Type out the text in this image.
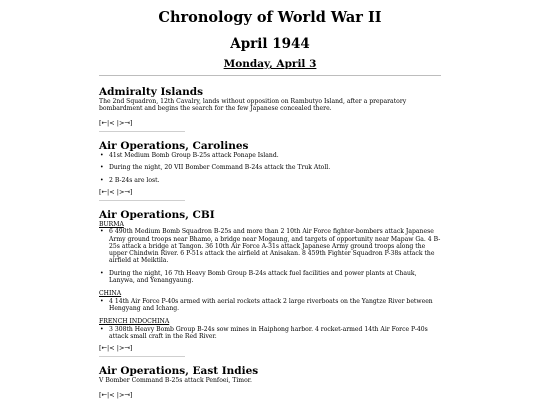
Chronology of World War II
April 1944
Monday, April 3
Admiralty Islands

The 2nd Squadron, 12th Cavalry, lands without opposition on Rambutyo Island, after a preparatory bombardment and begins the search for the few Japanese concealed there.

[⇤|< |>⇥]
Air Operations, Carolines
• 41st Medium Bomb Group B-25s attack Ponape Island.
• During the night, 20 VII Bomber Command B-24s attack the Truk Atoll.
• 2 B-24s are lost.
[⇤|< |>⇥]
Air Operations, CBI
BURMA
• 6 490th Medium Bomb Squadron B-25s and more than 2 10th Air Force fighter-bombers attack Japanese Army ground troops near Bhamo, a bridge near Mogaung, and targets of opportunity near Mapaw Ga. 4 B-25s attack a bridge at Tangon. 36 10th Air Force A-31s attack Japanese Army ground troops along the upper Chindwin River. 6 P-51s attack the airfield at Anisakan. 8 459th Fighter Squadron P-38s attack the airfield at Meiktila.
• During the night, 16 7th Heavy Bomb Group B-24s attack fuel facilities and power plants at Chauk, Lanywa, and Yenangyaung.
CHINA
• 4 14th Air Force P-40s armed with aerial rockets attack 2 large riverboats on the Yangtze River between Hengyang and Ichang.
FRENCH INDOCHINA
• 3 308th Heavy Bomb Group B-24s sow mines in Haiphong harbor. 4 rocket-armed 14th Air Force P-40s attack small craft in the Red River.
[⇤|< |>⇥]
Air Operations, East Indies

V Bomber Command B-25s attack Penfoei, Timor.

[⇤|< |>⇥]
